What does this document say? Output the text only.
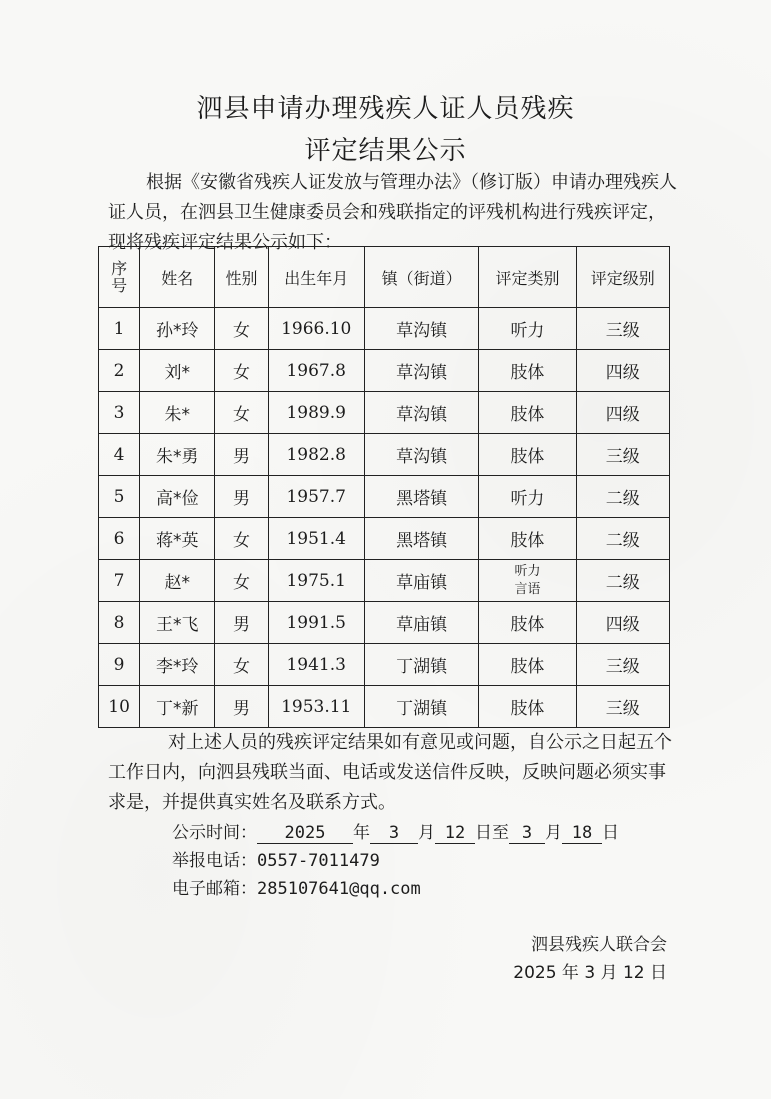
泗县申请办理残疾人证人员残疾
评定结果公示
根据《安徽省残疾人证发放与管理办法》（修订版）申请办理残疾人证人员，在泗县卫生健康委员会和残联指定的评残机构进行残疾评定，现将残疾评定结果公示如下：
序
号	姓名	性别	出生年月	镇（街道）	评定类别	评定级别
1	孙*玲	女	1966.10	草沟镇	听力	三级
2	刘*	女	1967.8	草沟镇	肢体	四级
3	朱*	女	1989.9	草沟镇	肢体	四级
4	朱*勇	男	1982.8	草沟镇	肢体	三级
5	高*俭	男	1957.7	黑塔镇	听力	二级
6	蒋*英	女	1951.4	黑塔镇	肢体	二级
7	赵*	女	1975.1	草庙镇	听力
言语	二级
8	王*飞	男	1991.5	草庙镇	肢体	四级
9	李*玲	女	1941.3	丁湖镇	肢体	三级
10	丁*新	男	1953.11	丁湖镇	肢体	三级
对上述人员的残疾评定结果如有意见或问题，自公示之日起五个工作日内，向泗县残联当面、电话或发送信件反映，反映问题必须实事求是，并提供真实姓名及联系方式。
公示时间： 2025 年 3 月 12 日至 3 月 18 日
举报电话：0557-7011479
电子邮箱：285107641@qq.com
泗县残疾人联合会
2025 年 3 月 12 日
